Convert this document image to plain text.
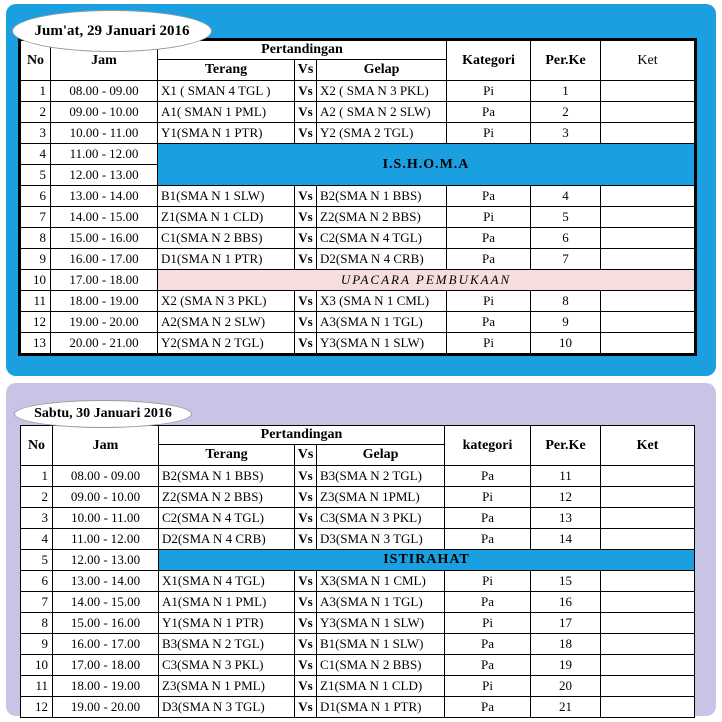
Jum'at, 29 Januari 2016
Sabtu, 30 Januari 2016
No	Jam	Pertandingan			Kategori	Per.Ke	Ket
		Terang	Vs	Gelap			
1	08.00 - 09.00	X1 ( SMAN 4 TGL )	Vs	X2 ( SMA N 3 PKL)	Pi	1	
2	09.00 - 10.00	A1( SMAN 1 PML)	Vs	A2 ( SMA N 2 SLW)	Pa	2	
3	10.00 - 11.00	Y1(SMA N 1 PTR)	Vs	Y2 (SMA 2 TGL)	Pi	3	
4	11.00 - 12.00	I.S.H.O.M.A					
5	12.00 - 13.00						
6	13.00 - 14.00	B1(SMA N 1 SLW)	Vs	B2(SMA N 1 BBS)	Pa	4	
7	14.00 - 15.00	Z1(SMA N 1 CLD)	Vs	Z2(SMA N 2 BBS)	Pi	5	
8	15.00 - 16.00	C1(SMA N 2 BBS)	Vs	C2(SMA N 4 TGL)	Pa	6	
9	16.00 - 17.00	D1(SMA N 1 PTR)	Vs	D2(SMA N 4 CRB)	Pa	7	
10	17.00 - 18.00	UPACARA PEMBUKAAN					
11	18.00 - 19.00	X2 (SMA N 3 PKL)	Vs	X3 (SMA N 1 CML)	Pi	8	
12	19.00 - 20.00	A2(SMA N 2 SLW)	Vs	A3(SMA N 1 TGL)	Pa	9	
13	20.00 - 21.00	Y2(SMA N 2 TGL)	Vs	Y3(SMA N 1 SLW)	Pi	10	
No	Jam	Pertandingan			kategori	Per.Ke	Ket
		Terang	Vs	Gelap			
1	08.00 - 09.00	B2(SMA N 1 BBS)	Vs	B3(SMA N 2 TGL)	Pa	11	
2	09.00 - 10.00	Z2(SMA N 2 BBS)	Vs	Z3(SMA N 1PML)	Pi	12	
3	10.00 - 11.00	C2(SMA N 4 TGL)	Vs	C3(SMA N 3 PKL)	Pa	13	
4	11.00 - 12.00	D2(SMA N 4 CRB)	Vs	D3(SMA N 3 TGL)	Pa	14	
5	12.00 - 13.00	ISTIRAHAT					
6	13.00 - 14.00	X1(SMA N 4 TGL)	Vs	X3(SMA N 1 CML)	Pi	15	
7	14.00 - 15.00	A1(SMA N 1 PML)	Vs	A3(SMA N 1 TGL)	Pa	16	
8	15.00 - 16.00	Y1(SMA N 1 PTR)	Vs	Y3(SMA N 1 SLW)	Pi	17	
9	16.00 - 17.00	B3(SMA N 2 TGL)	Vs	B1(SMA N 1 SLW)	Pa	18	
10	17.00 - 18.00	C3(SMA N 3 PKL)	Vs	C1(SMA N 2 BBS)	Pa	19	
11	18.00 - 19.00	Z3(SMA N 1 PML)	Vs	Z1(SMA N 1 CLD)	Pi	20	
12	19.00 - 20.00	D3(SMA N 3 TGL)	Vs	D1(SMA N 1 PTR)	Pa	21	
